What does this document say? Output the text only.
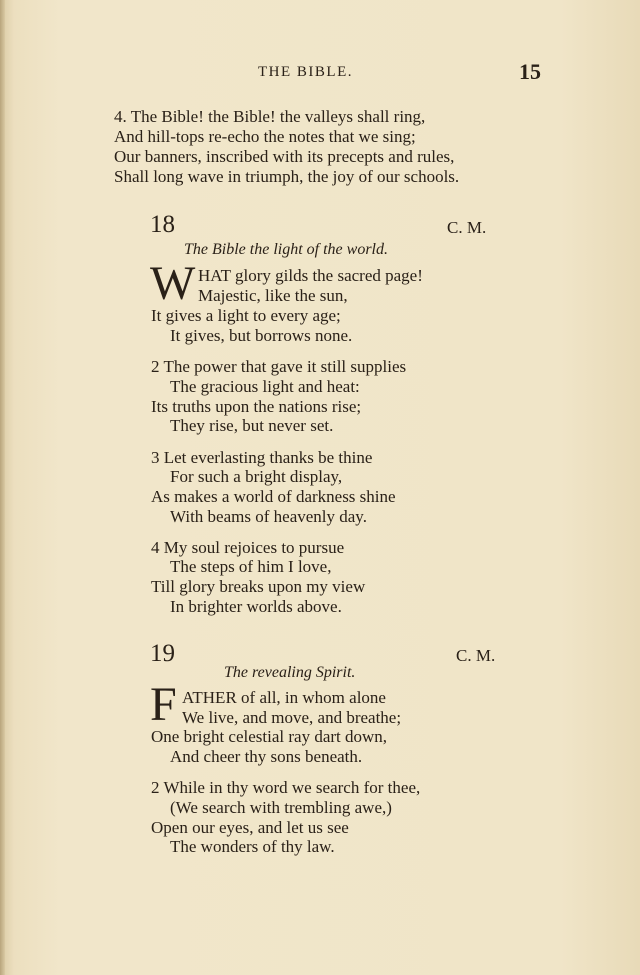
THE BIBLE.	15
4. The Bible! the Bible! the valleys shall ring,
And hill-tops re-echo the notes that we sing;
Our banners, inscribed with its precepts and rules,
Shall long wave in triumph, the joy of our schools.
18	C. M.
The Bible the light of the world.
W HAT glory gilds the sacred page!
Majestic, like the sun,
It gives a light to every age;
It gives, but borrows none.
2 The power that gave it still supplies
The gracious light and heat:
Its truths upon the nations rise;
They rise, but never set.
3 Let everlasting thanks be thine
For such a bright display,
As makes a world of darkness shine
With beams of heavenly day.
4 My soul rejoices to pursue
The steps of him I love,
Till glory breaks upon my view
In brighter worlds above.
19	C. M.
The revealing Spirit.
F ATHER of all, in whom alone
We live, and move, and breathe;
One bright celestial ray dart down,
And cheer thy sons beneath.
2 While in thy word we search for thee,
(We search with trembling awe,)
Open our eyes, and let us see
The wonders of thy law.
